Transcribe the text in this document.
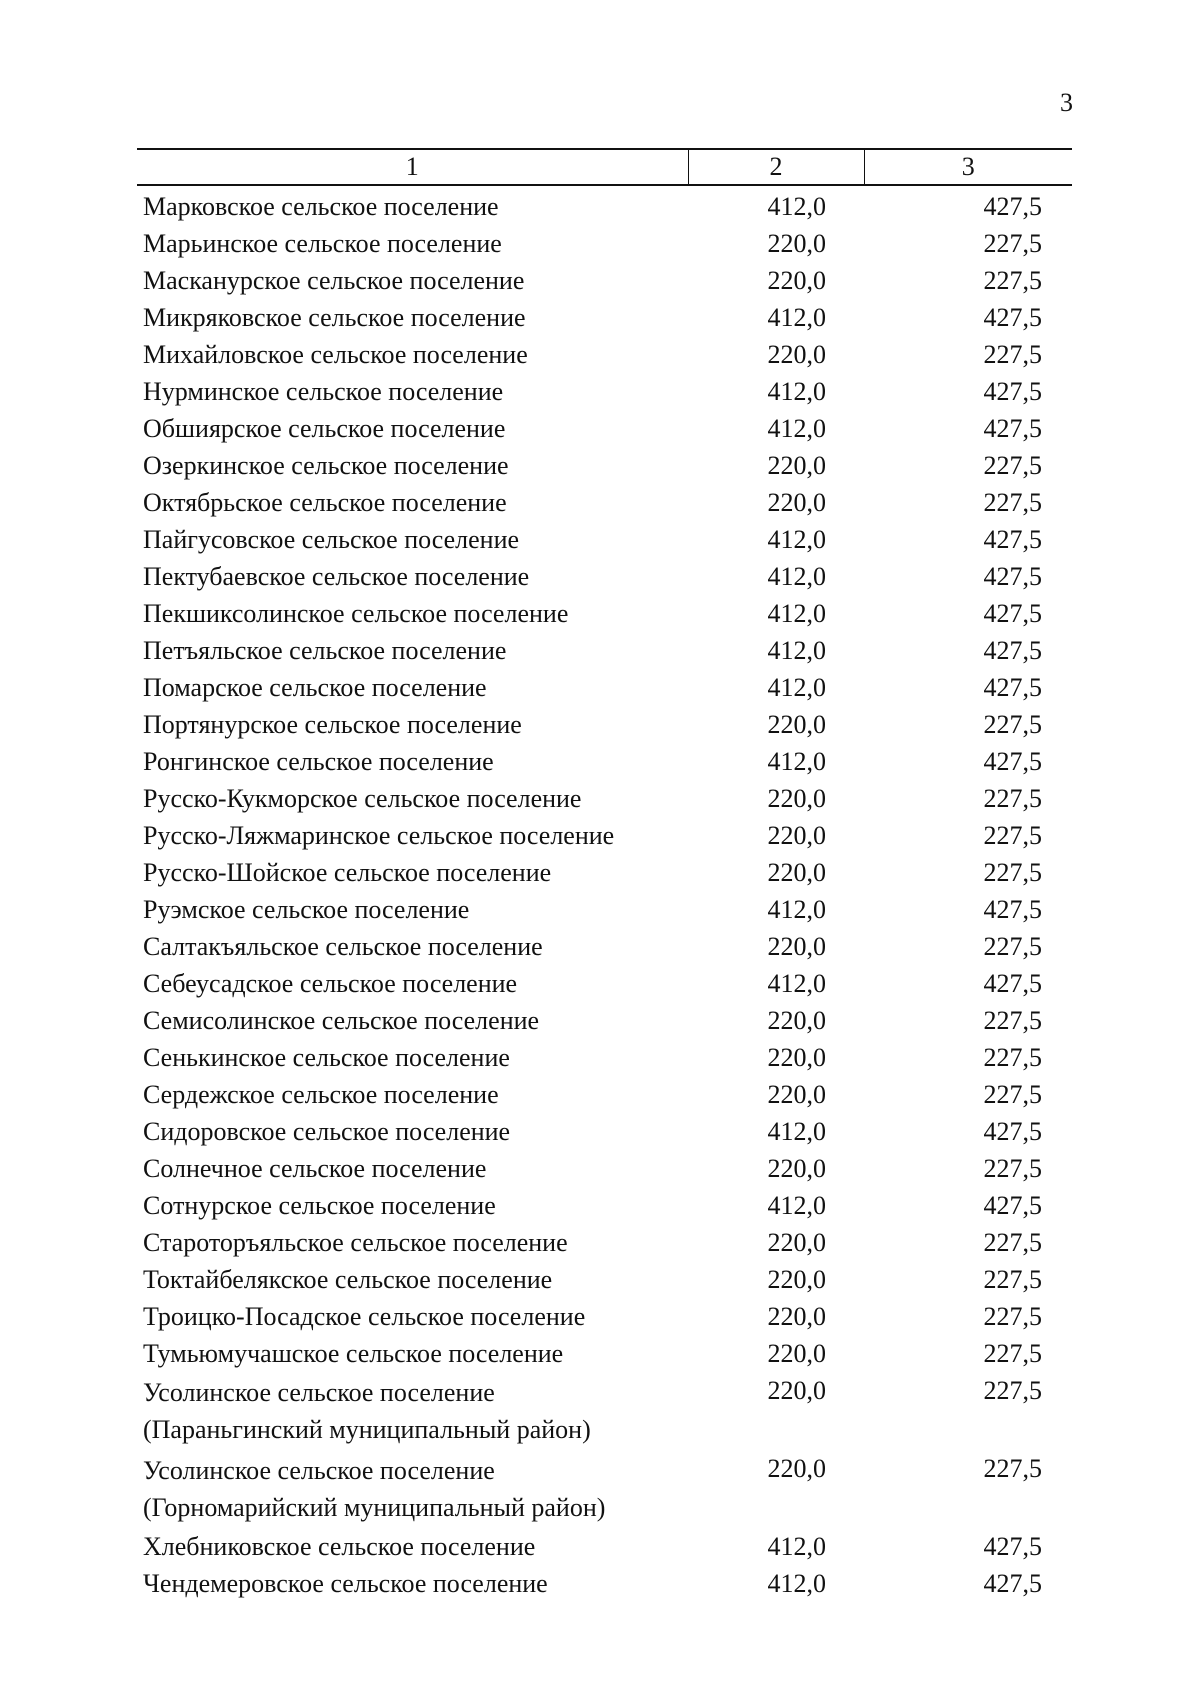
3
1	2	3

Марковское сельское поселение	412,0	427,5

Марьинское сельское поселение	220,0	227,5

Маскануpское сельское поселение	220,0	227,5

Микряковское сельское поселение	412,0	427,5

Михайловское сельское поселение	220,0	227,5

Нурминское сельское поселение	412,0	427,5

Обшиярское сельское поселение	412,0	427,5

Озеркинское сельское поселение	220,0	227,5

Октябрьское сельское поселение	220,0	227,5

Пайгусовское сельское поселение	412,0	427,5

Пектубаевское сельское поселение	412,0	427,5

Пекшиксолинское сельское поселение	412,0	427,5

Петъяльское сельское поселение	412,0	427,5

Помарское сельское поселение	412,0	427,5

Портянурское сельское поселение	220,0	227,5

Ронгинское сельское поселение	412,0	427,5

Русско-Кукморское сельское поселение	220,0	227,5

Русско-Ляжмаринское сельское поселение	220,0	227,5

Русско-Шойское сельское поселение	220,0	227,5

Руэмское сельское поселение	412,0	427,5

Салтакъяльское сельское поселение	220,0	227,5

Себеусадское сельское поселение	412,0	427,5

Семисолинское сельское поселение	220,0	227,5

Сенькинское сельское поселение	220,0	227,5

Сердежское сельское поселение	220,0	227,5

Сидоровское сельское поселение	412,0	427,5

Солнечное сельское поселение	220,0	227,5

Сотнурское сельское поселение	412,0	427,5

Староторъяльское сельское поселение	220,0	227,5

Токтайбелякское сельское поселение	220,0	227,5

Троицко-Посадское сельское поселение	220,0	227,5

Тумьюмучашское сельское поселение	220,0	227,5

Усолинское сельское поселение
(Параньгинский муниципальный район)	220,0	227,5

Усолинское сельское поселение
(Горномарийский муниципальный район)	220,0	227,5

Хлебниковское сельское поселение	412,0	427,5

Чендемеровское сельское поселение	412,0	427,5
